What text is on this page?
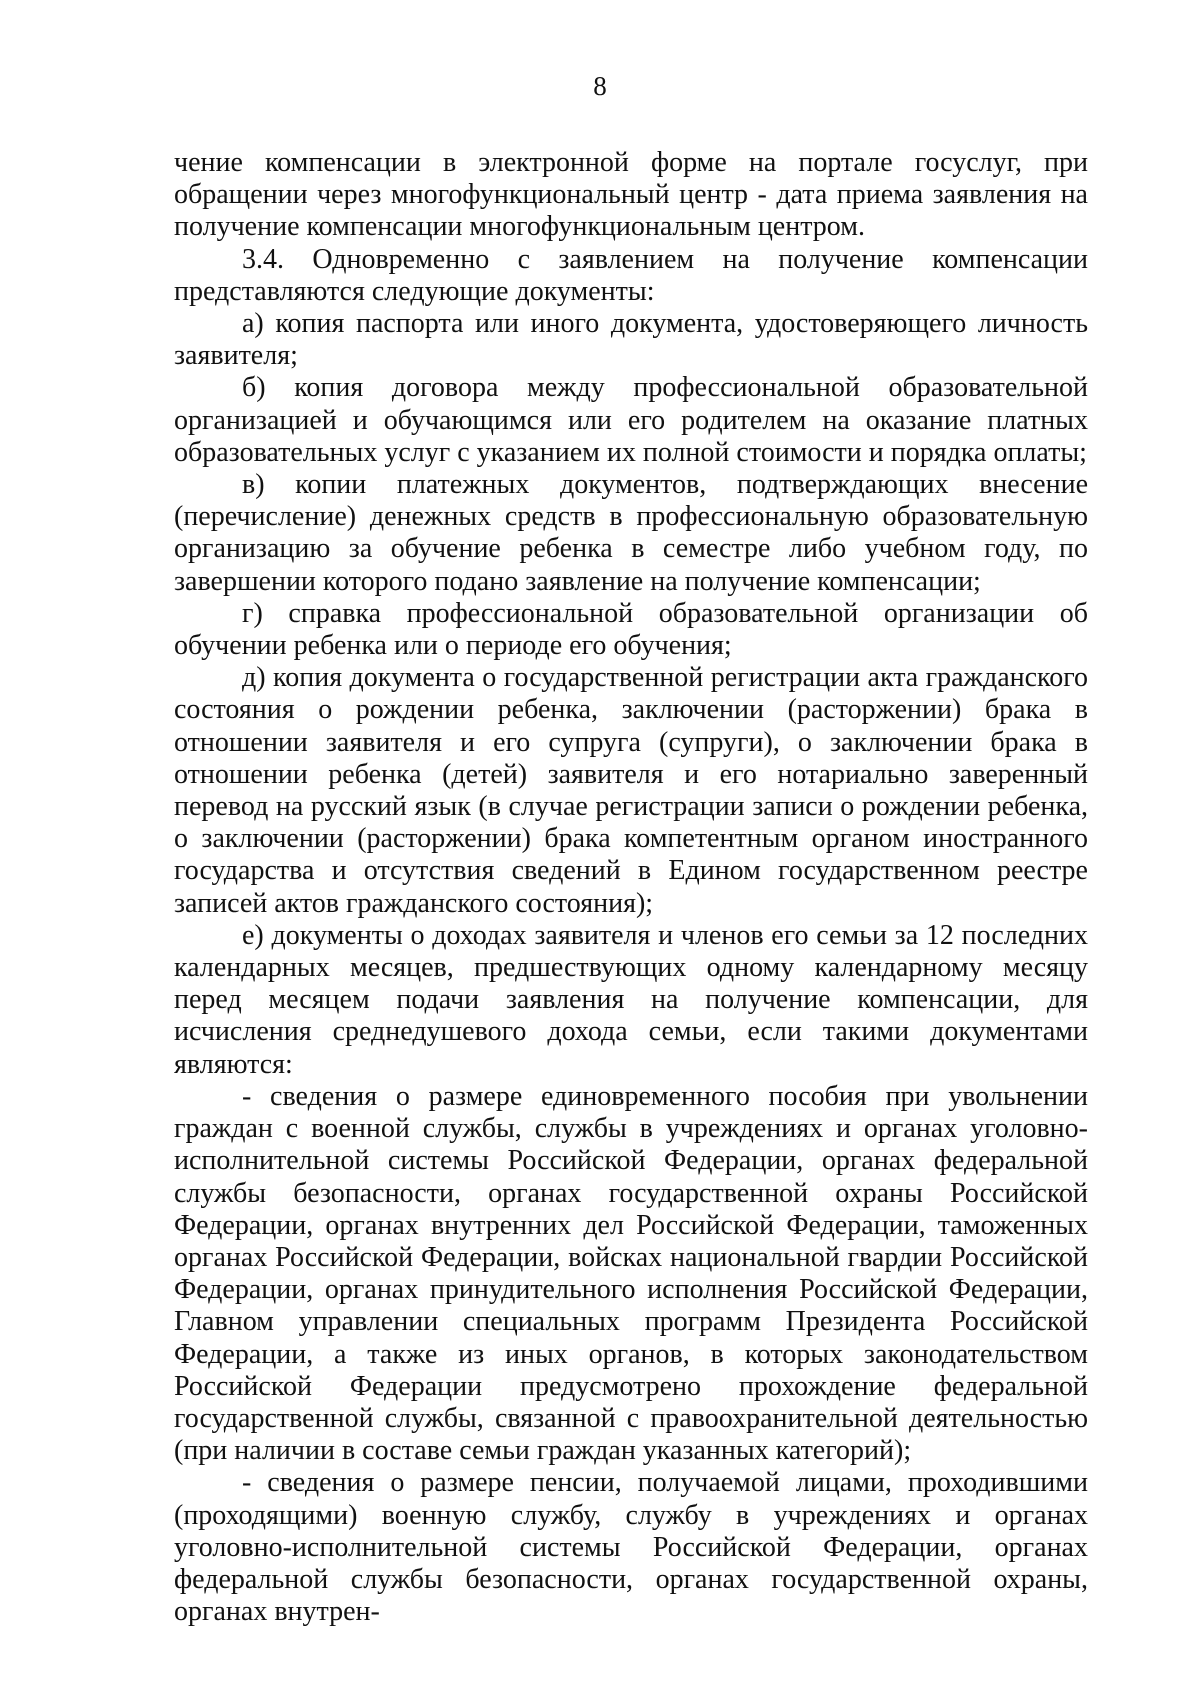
8

чение компенсации в электронной форме на портале госуслуг, при обращении через многофункциональный центр - дата приема заявления на получение компенсации многофункциональным центром.

3.4. Одновременно с заявлением на получение компенсации представляются следующие документы:

а) копия паспорта или иного документа, удостоверяющего личность заявителя;

б) копия договора между профессиональной образовательной организацией и обучающимся или его родителем на оказание платных образовательных услуг с указанием их полной стоимости и порядка оплаты;

в) копии платежных документов, подтверждающих внесение (перечисление) денежных средств в профессиональную образовательную организацию за обучение ребенка в семестре либо учебном году, по завершении которого подано заявление на получение компенсации;

г) справка профессиональной образовательной организации об обучении ребенка или о периоде его обучения;

д) копия документа о государственной регистрации акта гражданского состояния о рождении ребенка, заключении (расторжении) брака в отношении заявителя и его супруга (супруги), о заключении брака в отношении ребенка (детей) заявителя и его нотариально заверенный перевод на русский язык (в случае регистрации записи о рождении ребенка, о заключении (расторжении) брака компетентным органом иностранного государства и отсутствия сведений в Едином государственном реестре записей актов гражданского состояния);

е) документы о доходах заявителя и членов его семьи за 12 последних календарных месяцев, предшествующих одному календарному месяцу перед месяцем подачи заявления на получение компенсации, для исчисления среднедушевого дохода семьи, если такими документами являются:

- сведения о размере единовременного пособия при увольнении граждан с военной службы, службы в учреждениях и органах уголовно-исполнительной системы Российской Федерации, органах федеральной службы безопасности, органах государственной охраны Российской Федерации, органах внутренних дел Российской Федерации, таможенных органах Российской Федерации, войсках национальной гвардии Российской Федерации, органах принудительного исполнения Российской Федерации, Главном управлении специальных программ Президента Российской Федерации, а также из иных органов, в которых законодательством Российской Федерации предусмотрено прохождение федеральной государственной службы, связанной с правоохранительной деятельностью (при наличии в составе семьи граждан указанных категорий);

- сведения о размере пенсии, получаемой лицами, проходившими (проходящими) военную службу, службу в учреждениях и органах уголовно-исполнительной системы Российской Федерации, органах федеральной службы безопасности, органах государственной охраны, органах внутрен-
